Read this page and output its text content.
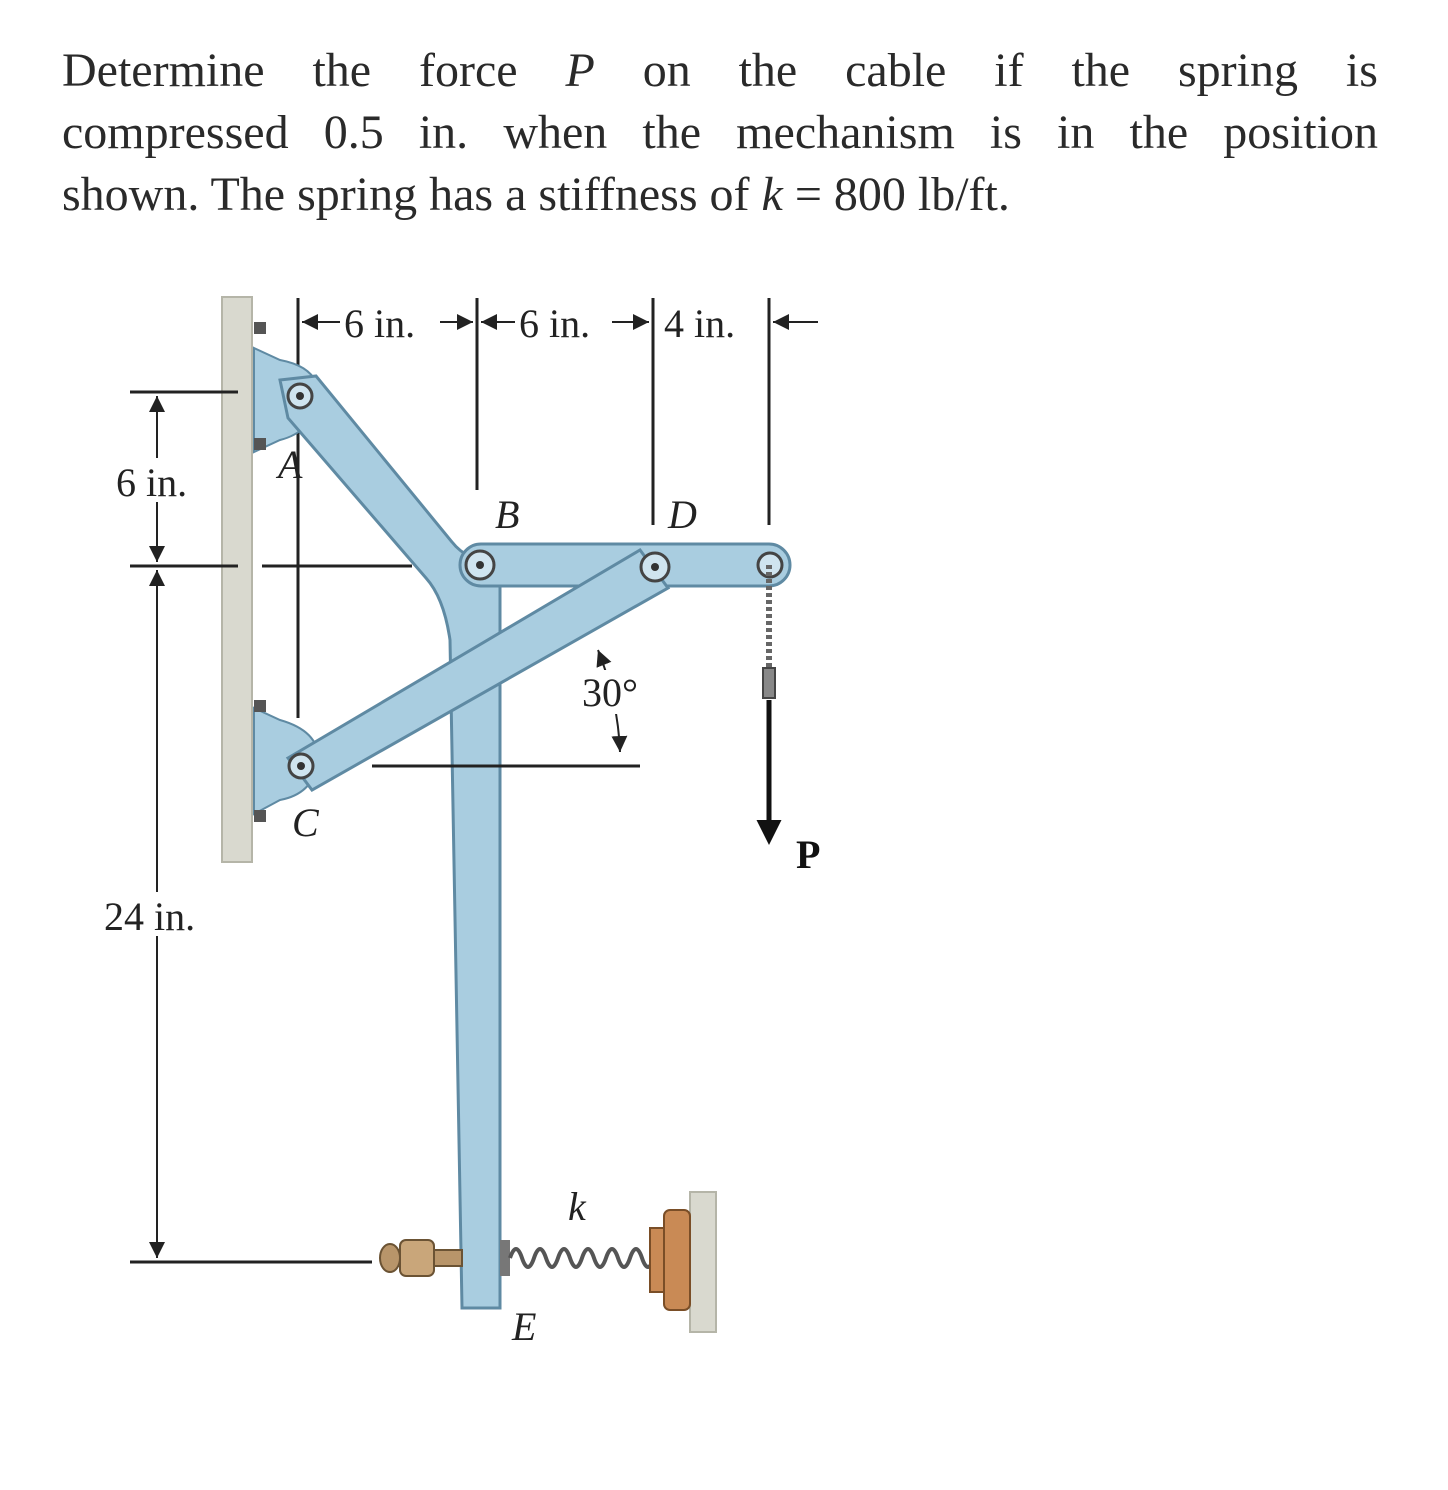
Determine the force P on the cable if the spring is
compressed 0.5 in. when the mechanism is in the position
shown. The spring has a stiffness of k = 800 lb/ft.
6 in.
24 in.
6 in.	6 in. 4 in.
P
30°
A
B	D
C
E
k
